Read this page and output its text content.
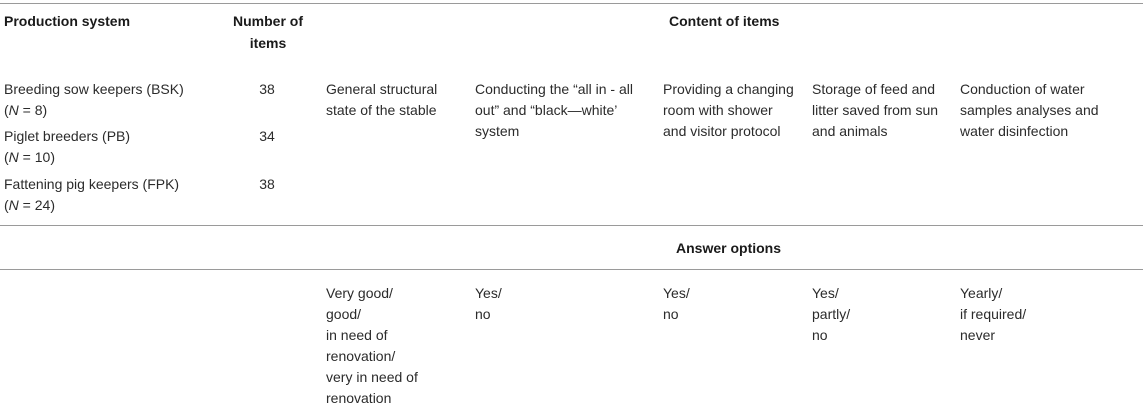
Production system	Number of
items
Content of items
Breeding sow keepers (BSK)
(N = 8)
38
Piglet breeders (PB)
(N = 10)
34
Fattening pig keepers (FPK)
(N = 24)
38
General structural
state of the stable
Conducting the “all in - all
out” and “black—white’
system
Providing a changing
room with shower
and visitor protocol
Storage of feed and
litter saved from sun
and animals
Conduction of water
samples analyses and
water disinfection
Answer options
Very good/
good/
in need of
renovation/
very in need of
renovation
Yes/
no
Yes/
no
Yes/
partly/
no
Yearly/
if required/
never
